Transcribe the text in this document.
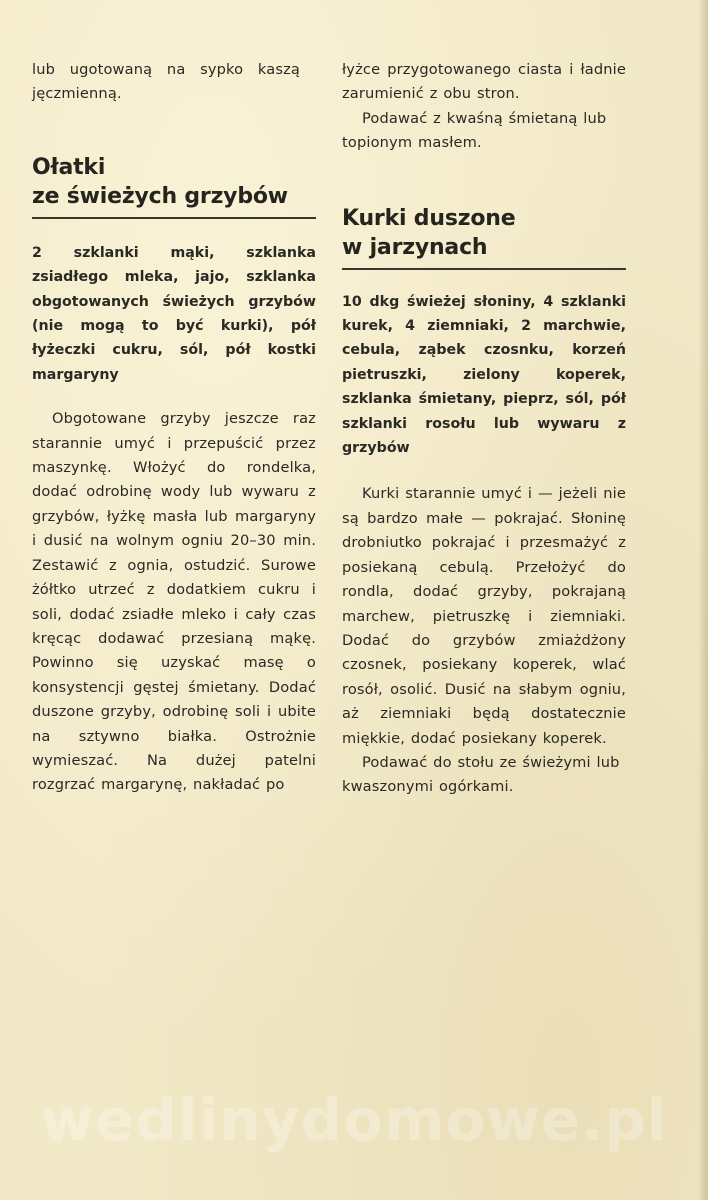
lub ugotowaną na sypko kaszą jęczmienną.

Ołatki
ze świeżych grzybów

2 szklanki mąki, szklanka zsiadłego mleka, jajo, szklanka obgotowanych świeżych grzybów (nie mogą to być kurki), pół łyżeczki cukru, sól, pół kostki margaryny

Obgotowane grzyby jeszcze raz starannie umyć i przepuścić przez maszynkę. Włożyć do rondelka, dodać odrobinę wody lub wywaru z grzybów, łyżkę masła lub margaryny i dusić na wolnym ogniu 20–30 min. Zestawić z ognia, ostudzić. Surowe żółtko utrzeć z dodatkiem cukru i soli, dodać zsiadłe mleko i cały czas kręcąc dodawać przesianą mąkę. Powinno się uzyskać masę o konsystencji gęstej śmietany. Dodać duszone grzyby, odrobinę soli i ubite na sztywno białka. Ostrożnie wymieszać. Na dużej patelni rozgrzać margarynę, nakładać po

łyżce przygotowanego ciasta i ładnie zarumienić z obu stron.

Podawać z kwaśną śmietaną lub topionym masłem.

Kurki duszone
w jarzynach

10 dkg świeżej słoniny, 4 szklanki kurek, 4 ziemniaki, 2 marchwie, cebula, ząbek czosnku, korzeń pietruszki, zielony koperek, szklanka śmietany, pieprz, sól, pół szklanki rosołu lub wywaru z grzybów

Kurki starannie umyć i — jeżeli nie są bardzo małe — pokrajać. Słoninę drobniutko pokrajać i przesmażyć z posiekaną cebulą. Przełożyć do rondla, dodać grzyby, pokrajaną marchew, pietruszkę i ziemniaki. Dodać do grzybów zmiażdżony czosnek, posiekany koperek, wlać rosół, osolić. Dusić na słabym ogniu, aż ziemniaki będą dostatecznie miękkie, dodać posiekany koperek.

Podawać do stołu ze świeżymi lub kwaszonymi ogórkami.

wedlinydomowe.pl
